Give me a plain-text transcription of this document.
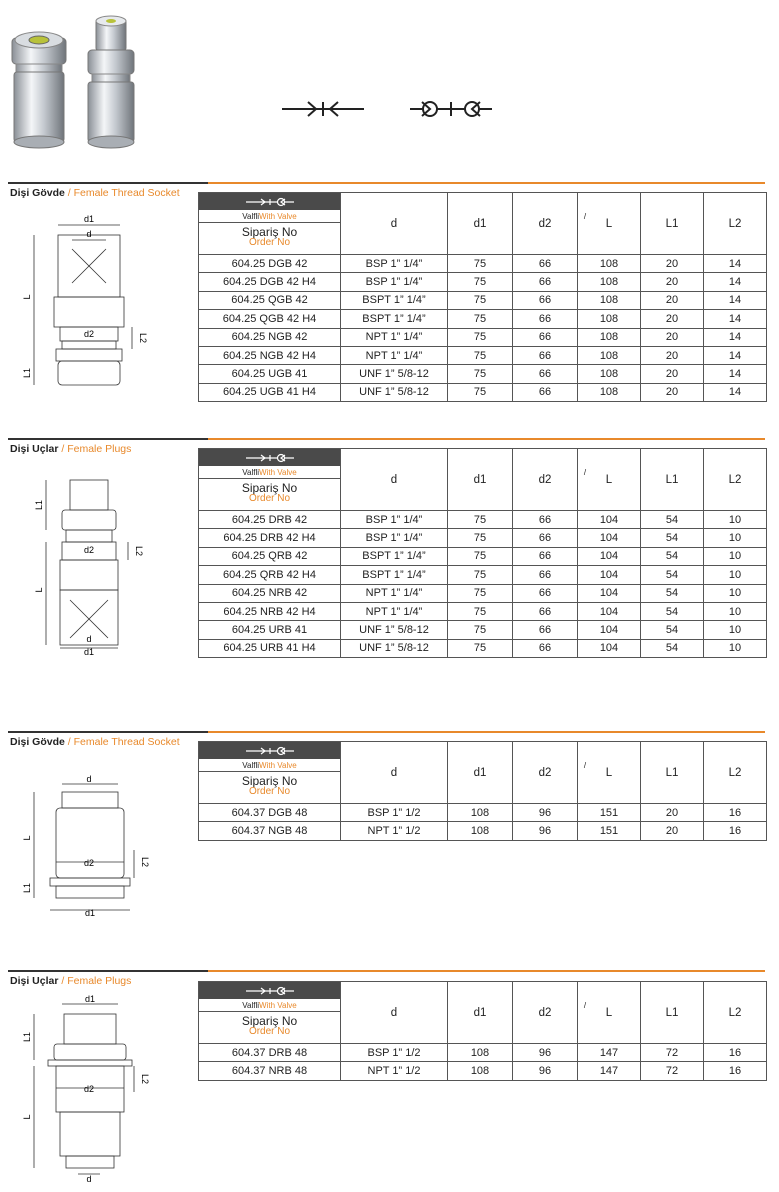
Dişi Gövde / Female Thread Socket
d1
d
d2
L
L1
L2
Valfli /
With Valve
Sipariş No
Order No	d	d1	d2	L	L1	L2
604.25 DGB 42	BSP 1” 1/4”	75	66	108	20	14
604.25 DGB 42 H4	BSP 1” 1/4”	75	66	108	20	14
604.25 QGB 42	BSPT 1” 1/4”	75	66	108	20	14
604.25 QGB 42 H4	BSPT 1” 1/4”	75	66	108	20	14
604.25 NGB 42	NPT 1” 1/4”	75	66	108	20	14
604.25 NGB 42 H4	NPT 1” 1/4”	75	66	108	20	14
604.25 UGB 41	UNF 1” 5/8-12	75	66	108	20	14
604.25 UGB 41 H4	UNF 1” 5/8-12	75	66	108	20	14
Dişi Uçlar / Female Plugs
d2
d
d1
L1
L
L2
Valfli /
With Valve
Sipariş No
Order No	d	d1	d2	L	L1	L2
604.25 DRB 42	BSP 1” 1/4”	75	66	104	54	10
604.25 DRB 42 H4	BSP 1” 1/4”	75	66	104	54	10
604.25 QRB 42	BSPT 1” 1/4”	75	66	104	54	10
604.25 QRB 42 H4	BSPT 1” 1/4”	75	66	104	54	10
604.25 NRB 42	NPT 1” 1/4”	75	66	104	54	10
604.25 NRB 42 H4	NPT 1” 1/4”	75	66	104	54	10
604.25 URB 41	UNF 1” 5/8-12	75	66	104	54	10
604.25 URB 41 H4	UNF 1” 5/8-12	75	66	104	54	10
Dişi Gövde / Female Thread Socket
d
d2
d1
L
L1
L2
Valfli /
With Valve
Sipariş No
Order No	d	d1	d2	L	L1	L2
604.37 DGB 48	BSP 1” 1/2	108	96	151	20	16
604.37 NGB 48	NPT 1” 1/2	108	96	151	20	16
Dişi Uçlar / Female Plugs
d1
d2
d
L1
L
L2
Valfli /
With Valve
Sipariş No
Order No	d	d1	d2	L	L1	L2
604.37 DRB 48	BSP 1” 1/2	108	96	147	72	16
604.37 NRB 48	NPT 1” 1/2	108	96	147	72	16
